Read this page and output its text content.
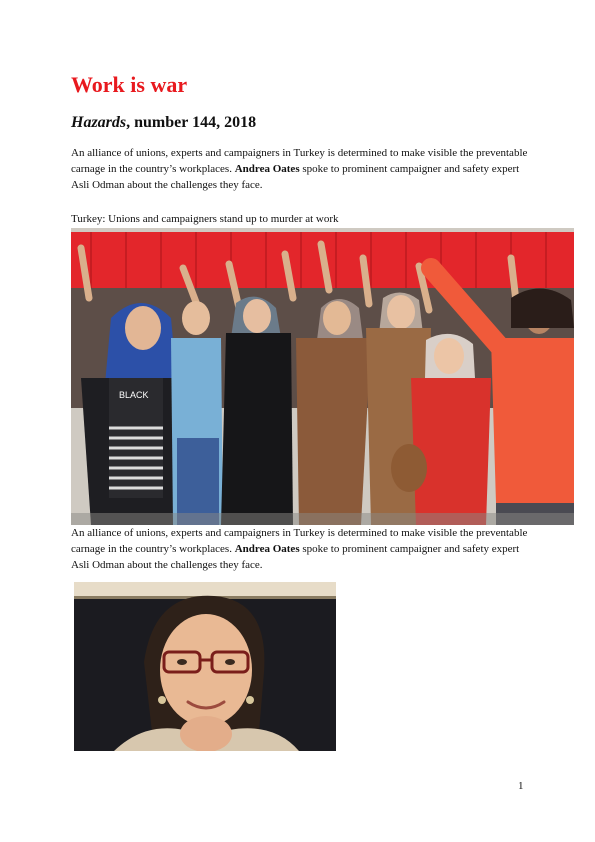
Work is war

Hazards, number 144, 2018

An alliance of unions, experts and campaigners in Turkey is determined to make visible the preventable carnage in the country’s workplaces. Andrea Oates spoke to prominent campaigner and safety expert Asli Odman about the challenges they face.

Turkey: Unions and campaigners stand up to murder at work

BLACK

An alliance of unions, experts and campaigners in Turkey is determined to make visible the preventable carnage in the country’s workplaces. Andrea Oates spoke to prominent campaigner and safety expert Asli Odman about the challenges they face.

1
